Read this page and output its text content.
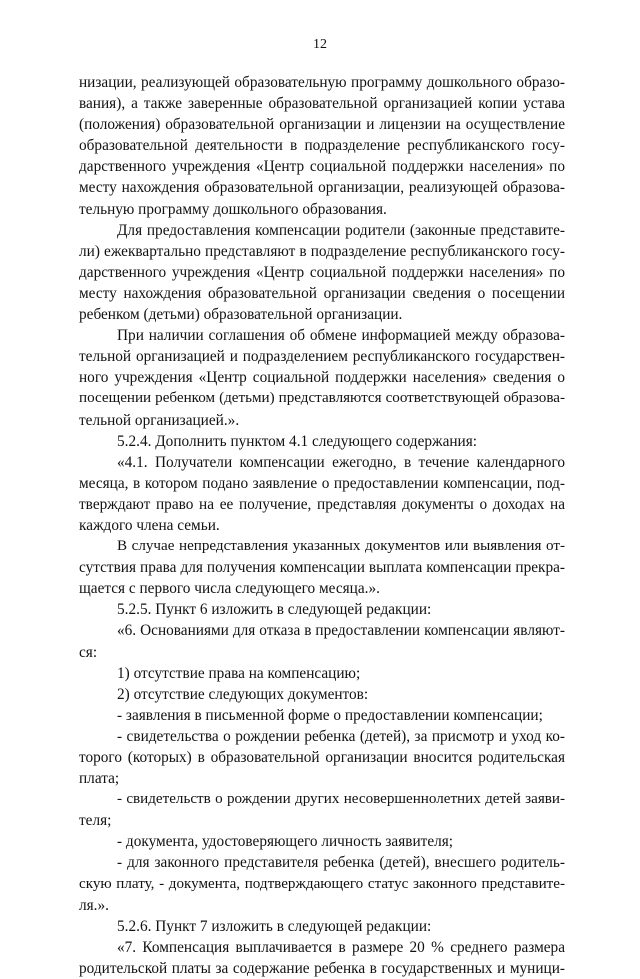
12

низации, реализующей образовательную программу дошкольного образо-

вания), а также заверенные образовательной организацией копии устава

(положения) образовательной организации и лицензии на осуществление

образовательной деятельности в подразделение республиканского госу-

дарственного учреждения «Центр социальной поддержки населения» по

месту нахождения образовательной организации, реализующей образова-

тельную программу дошкольного образования.

Для предоставления компенсации родители (законные представите-

ли) ежеквартально представляют в подразделение республиканского госу-

дарственного учреждения «Центр социальной поддержки населения» по

месту нахождения образовательной организации сведения о посещении

ребенком (детьми) образовательной организации.

При наличии соглашения об обмене информацией между образова-

тельной организацией и подразделением республиканского государствен-

ного учреждения «Центр социальной поддержки населения» сведения о

посещении ребенком (детьми) представляются соответствующей образова-

тельной организацией.».

5.2.4. Дополнить пунктом 4.1 следующего содержания:

«4.1. Получатели компенсации ежегодно, в течение календарного

месяца, в котором подано заявление о предоставлении компенсации, под-

тверждают право на ее получение, представляя документы о доходах на

каждого члена семьи.

В случае непредставления указанных документов или выявления от-

сутствия права для получения компенсации выплата компенсации прекра-

щается с первого числа следующего месяца.».

5.2.5. Пункт 6 изложить в следующей редакции:

«6. Основаниями для отказа в предоставлении компенсации являют-

ся:

1) отсутствие права на компенсацию;

2) отсутствие следующих документов:

- заявления в письменной форме о предоставлении компенсации;

- свидетельства о рождении ребенка (детей), за присмотр и уход ко-

торого (которых) в образовательной организации вносится родительская

плата;

- свидетельств о рождении других несовершеннолетних детей заяви-

теля;

- документа, удостоверяющего личность заявителя;

- для законного представителя ребенка (детей), внесшего родитель-

скую плату, - документа, подтверждающего статус законного представите-

ля.».

5.2.6. Пункт 7 изложить в следующей редакции:

«7. Компенсация выплачивается в размере 20 % среднего размера

родительской платы за содержание ребенка в государственных и муници-
